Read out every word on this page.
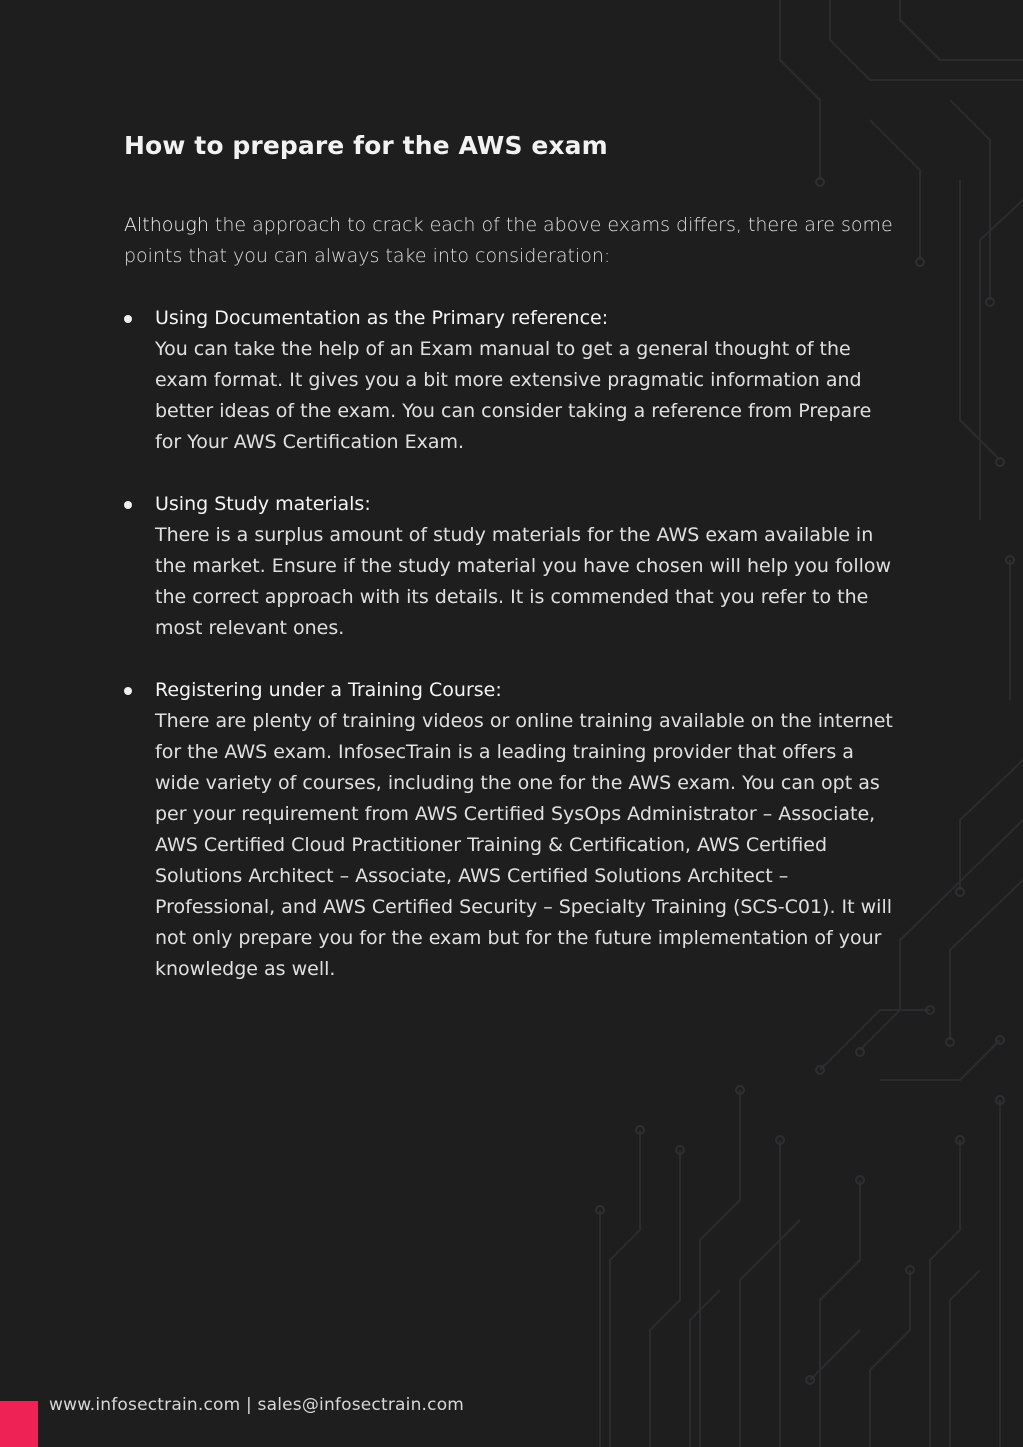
How to prepare for the AWS exam

Although the approach to crack each of the above exams differs, there are some points that you can always take into consideration:

Using Documentation as the Primary reference:
You can take the help of an Exam manual to get a general thought of the exam format. It gives you a bit more extensive pragmatic information and better ideas of the exam. You can consider taking a reference from Prepare for Your AWS Certification Exam.
Using Study materials:
There is a surplus amount of study materials for the AWS exam available in the market. Ensure if the study material you have chosen will help you follow the correct approach with its details. It is commended that you refer to the most relevant ones.
Registering under a Training Course:
There are plenty of training videos or online training available on the internet for the AWS exam. InfosecTrain is a leading training provider that offers a wide variety of courses, including the one for the AWS exam. You can opt as per your requirement from AWS Certified SysOps Administrator – Associate, AWS Certified Cloud Practitioner Training & Certification, AWS Certified Solutions Architect – Associate, AWS Certified Solutions Architect – Professional, and AWS Certified Security – Specialty Training (SCS-C01). It will not only prepare you for the exam but for the future implementation of your knowledge as well.
www.infosectrain.com | sales@infosectrain.com
